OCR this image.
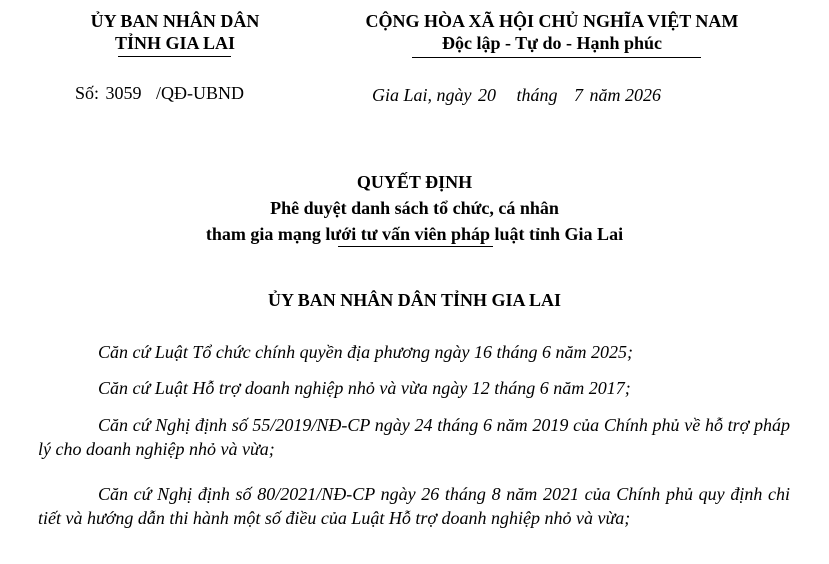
ỦY BAN NHÂN DÂN
TỈNH GIA LAI
Số: 3059 /QĐ-UBND
CỘNG HÒA XÃ HỘI CHỦ NGHĨA VIỆT NAM
Độc lập - Tự do - Hạnh phúc
Gia Lai, ngày 20 tháng 7 năm 2026
QUYẾT ĐỊNH
Phê duyệt danh sách tổ chức, cá nhân
tham gia mạng lưới tư vấn viên pháp luật tỉnh Gia Lai
ỦY BAN NHÂN DÂN TỈNH GIA LAI
Căn cứ Luật Tổ chức chính quyền địa phương ngày 16 tháng 6 năm 2025;
Căn cứ Luật Hỗ trợ doanh nghiệp nhỏ và vừa ngày 12 tháng 6 năm 2017;
Căn cứ Nghị định số 55/2019/NĐ-CP ngày 24 tháng 6 năm 2019 của Chính phủ về hỗ trợ pháp lý cho doanh nghiệp nhỏ và vừa;
Căn cứ Nghị định số 80/2021/NĐ-CP ngày 26 tháng 8 năm 2021 của Chính phủ quy định chi tiết và hướng dẫn thi hành một số điều của Luật Hỗ trợ doanh nghiệp nhỏ và vừa;
